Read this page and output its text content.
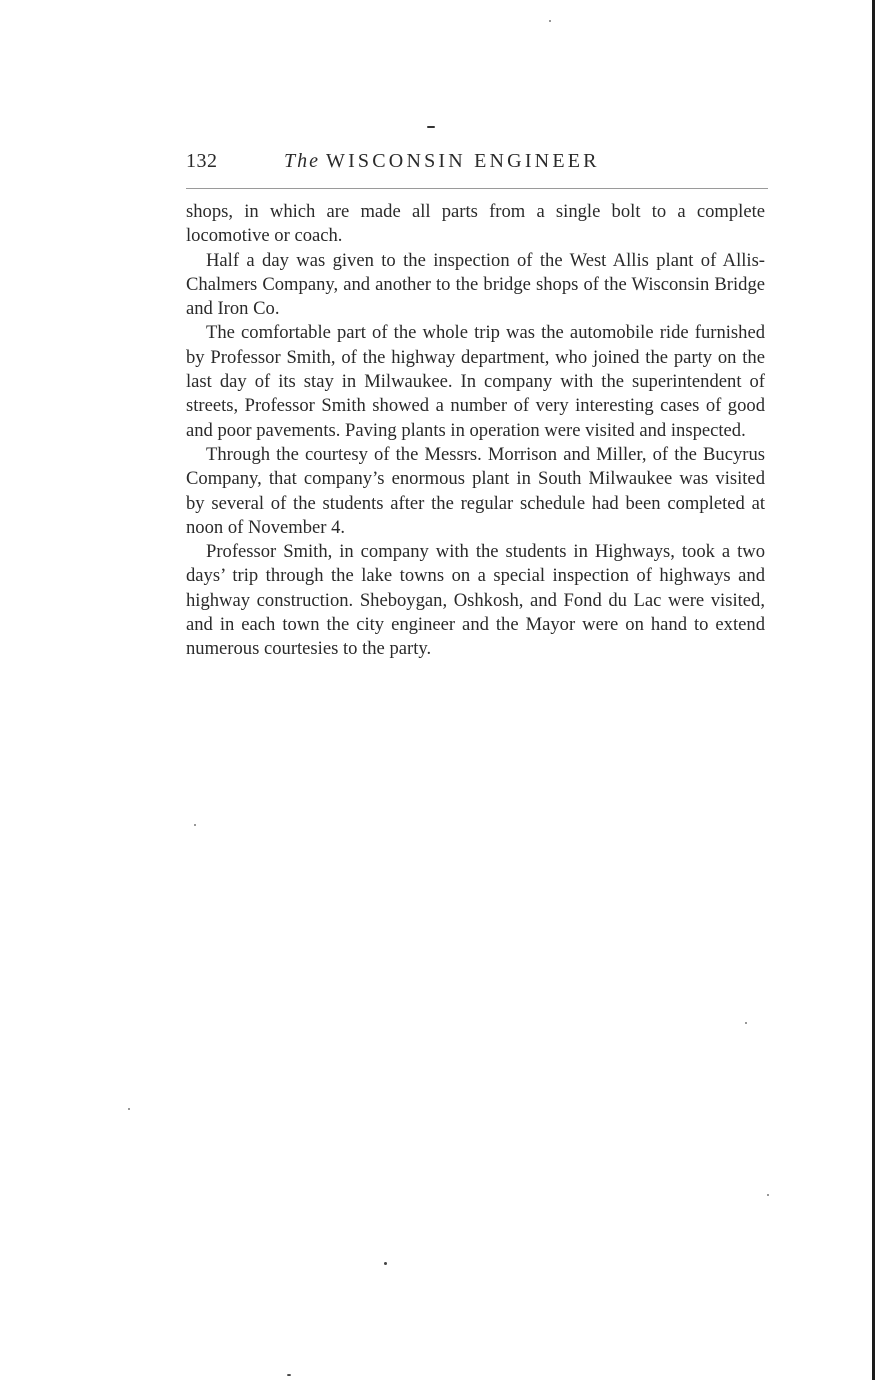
132	The WISCONSIN ENGINEER

shops, in which are made all parts from a single bolt to a complete locomotive or coach.

Half a day was given to the inspection of the West Allis plant of Allis-Chalmers Company, and another to the bridge shops of the Wisconsin Bridge and Iron Co.

The comfortable part of the whole trip was the automobile ride furnished by Professor Smith, of the highway department, who joined the party on the last day of its stay in Milwaukee. In company with the superintendent of streets, Professor Smith showed a number of very interesting cases of good and poor pavements. Paving plants in operation were visited and inspected.

Through the courtesy of the Messrs. Morrison and Miller, of the Bucyrus Company, that company’s enormous plant in South Milwaukee was visited by several of the students after the regular schedule had been completed at noon of November 4.

Professor Smith, in company with the students in Highways, took a two days’ trip through the lake towns on a special inspection of highways and highway construction. Sheboygan, Oshkosh, and Fond du Lac were visited, and in each town the city engineer and the Mayor were on hand to extend numerous courtesies to the party.
